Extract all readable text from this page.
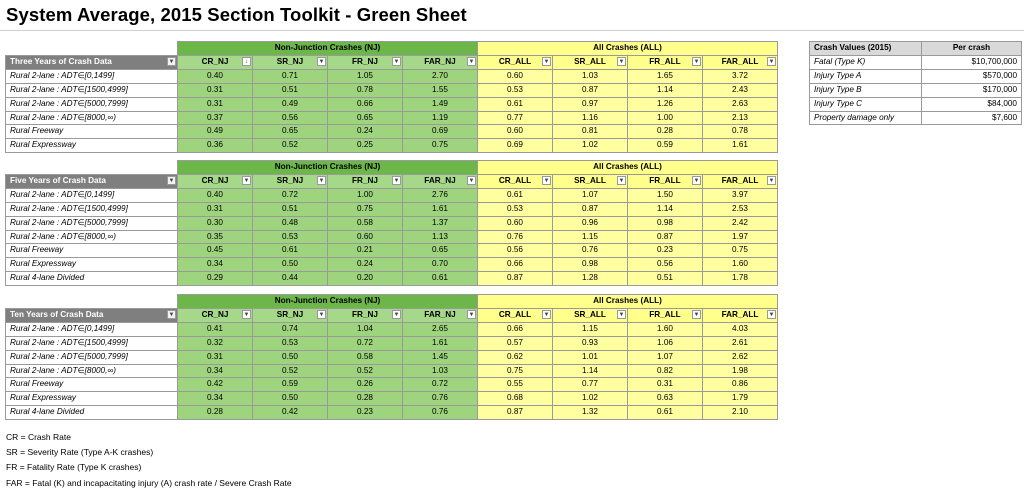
System Average, 2015 Section Toolkit - Green Sheet
	Non-Junction Crashes (NJ)				All Crashes (ALL)			
Three Years of Crash Data ▼	CR_NJ ↓	SR_NJ ▼	FR_NJ ▼	FAR_NJ ▼	CR_ALL ▼	SR_ALL ▼	FR_ALL ▼	FAR_ALL ▼

Rural 2-lane : ADT∈[0,1499]	0.40	0.71	1.05	2.70	0.60	1.03	1.65	3.72
Rural 2-lane : ADT∈[1500,4999]	0.31	0.51	0.78	1.55	0.53	0.87	1.14	2.43
Rural 2-lane : ADT∈[5000,7999]	0.31	0.49	0.66	1.49	0.61	0.97	1.26	2.63
Rural 2-lane : ADT∈[8000,∞)	0.37	0.56	0.65	1.19	0.77	1.16	1.00	2.13
Rural Freeway	0.49	0.65	0.24	0.69	0.60	0.81	0.28	0.78
Rural Expressway	0.36	0.52	0.25	0.75	0.69	1.02	0.59	1.61
	Non-Junction Crashes (NJ)				All Crashes (ALL)			
Five Years of Crash Data ▼	CR_NJ ▼	SR_NJ ▼	FR_NJ ▼	FAR_NJ ▼	CR_ALL ▼	SR_ALL ▼	FR_ALL ▼	FAR_ALL ▼

Rural 2-lane : ADT∈[0,1499]	0.40	0.72	1.00	2.76	0.61	1.07	1.50	3.97
Rural 2-lane : ADT∈[1500,4999]	0.31	0.51	0.75	1.61	0.53	0.87	1.14	2.53
Rural 2-lane : ADT∈[5000,7999]	0.30	0.48	0.58	1.37	0.60	0.96	0.98	2.42
Rural 2-lane : ADT∈[8000,∞)	0.35	0.53	0.60	1.13	0.76	1.15	0.87	1.97
Rural Freeway	0.45	0.61	0.21	0.65	0.56	0.76	0.23	0.75
Rural Expressway	0.34	0.50	0.24	0.70	0.66	0.98	0.56	1.60
Rural 4-lane Divided	0.29	0.44	0.20	0.61	0.87	1.28	0.51	1.78
	Non-Junction Crashes (NJ)				All Crashes (ALL)			
Ten Years of Crash Data ▼	CR_NJ ▼	SR_NJ ▼	FR_NJ ▼	FAR_NJ ▼	CR_ALL ▼	SR_ALL ▼	FR_ALL ▼	FAR_ALL ▼

Rural 2-lane : ADT∈[0,1499]	0.41	0.74	1.04	2.65	0.66	1.15	1.60	4.03
Rural 2-lane : ADT∈[1500,4999]	0.32	0.53	0.72	1.61	0.57	0.93	1.06	2.61
Rural 2-lane : ADT∈[5000,7999]	0.31	0.50	0.58	1.45	0.62	1.01	1.07	2.62
Rural 2-lane : ADT∈[8000,∞)	0.34	0.52	0.52	1.03	0.75	1.14	0.82	1.98
Rural Freeway	0.42	0.59	0.26	0.72	0.55	0.77	0.31	0.86
Rural Expressway	0.34	0.50	0.28	0.76	0.68	1.02	0.63	1.79
Rural 4-lane Divided	0.28	0.42	0.23	0.76	0.87	1.32	0.61	2.10
Crash Values (2015)	Per crash
Fatal (Type K)	$10,700,000
Injury Type A	$570,000
Injury Type B	$170,000
Injury Type C	$84,000
Property damage only	$7,600
CR = Crash Rate
SR = Severity Rate (Type A-K crashes)
FR = Fatality Rate (Type K crashes)
FAR = Fatal (K) and incapacitating injury (A) crash rate / Severe Crash Rate
